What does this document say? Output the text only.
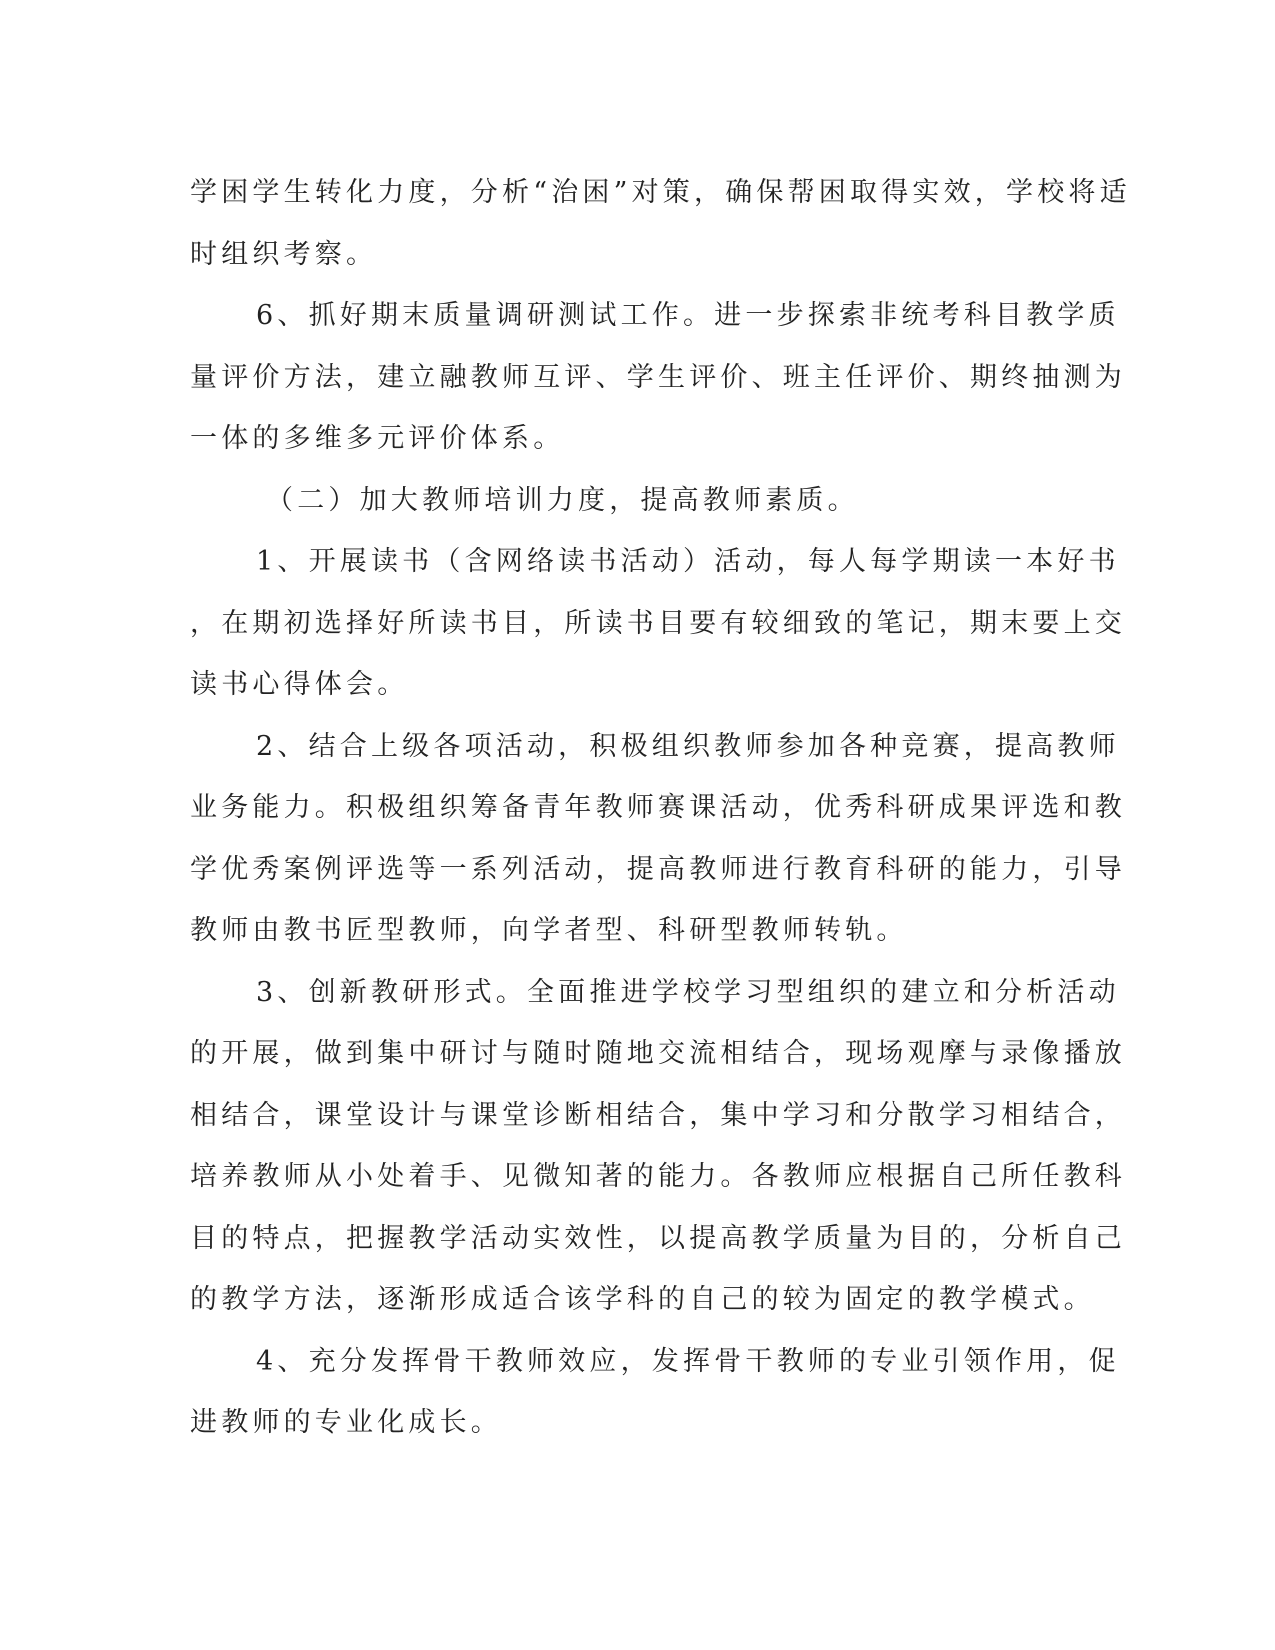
学困学生转化力度，分析“治困”对策，确保帮困取得实效，学校将适
时组织考察。

6、抓好期末质量调研测试工作。进一步探索非统考科目教学质
量评价方法，建立融教师互评、学生评价、班主任评价、期终抽测为
一体的多维多元评价体系。

（二）加大教师培训力度，提高教师素质。

1、开展读书（含网络读书活动）活动，每人每学期读一本好书
，在期初选择好所读书目，所读书目要有较细致的笔记，期末要上交
读书心得体会。

2、结合上级各项活动，积极组织教师参加各种竞赛，提高教师
业务能力。积极组织筹备青年教师赛课活动，优秀科研成果评选和教
学优秀案例评选等一系列活动，提高教师进行教育科研的能力，引导
教师由教书匠型教师，向学者型、科研型教师转轨。

3、创新教研形式。全面推进学校学习型组织的建立和分析活动
的开展，做到集中研讨与随时随地交流相结合，现场观摩与录像播放
相结合，课堂设计与课堂诊断相结合，集中学习和分散学习相结合，
培养教师从小处着手、见微知著的能力。各教师应根据自己所任教科
目的特点，把握教学活动实效性，以提高教学质量为目的，分析自己
的教学方法，逐渐形成适合该学科的自己的较为固定的教学模式。

4、充分发挥骨干教师效应，发挥骨干教师的专业引领作用，促
进教师的专业化成长。
